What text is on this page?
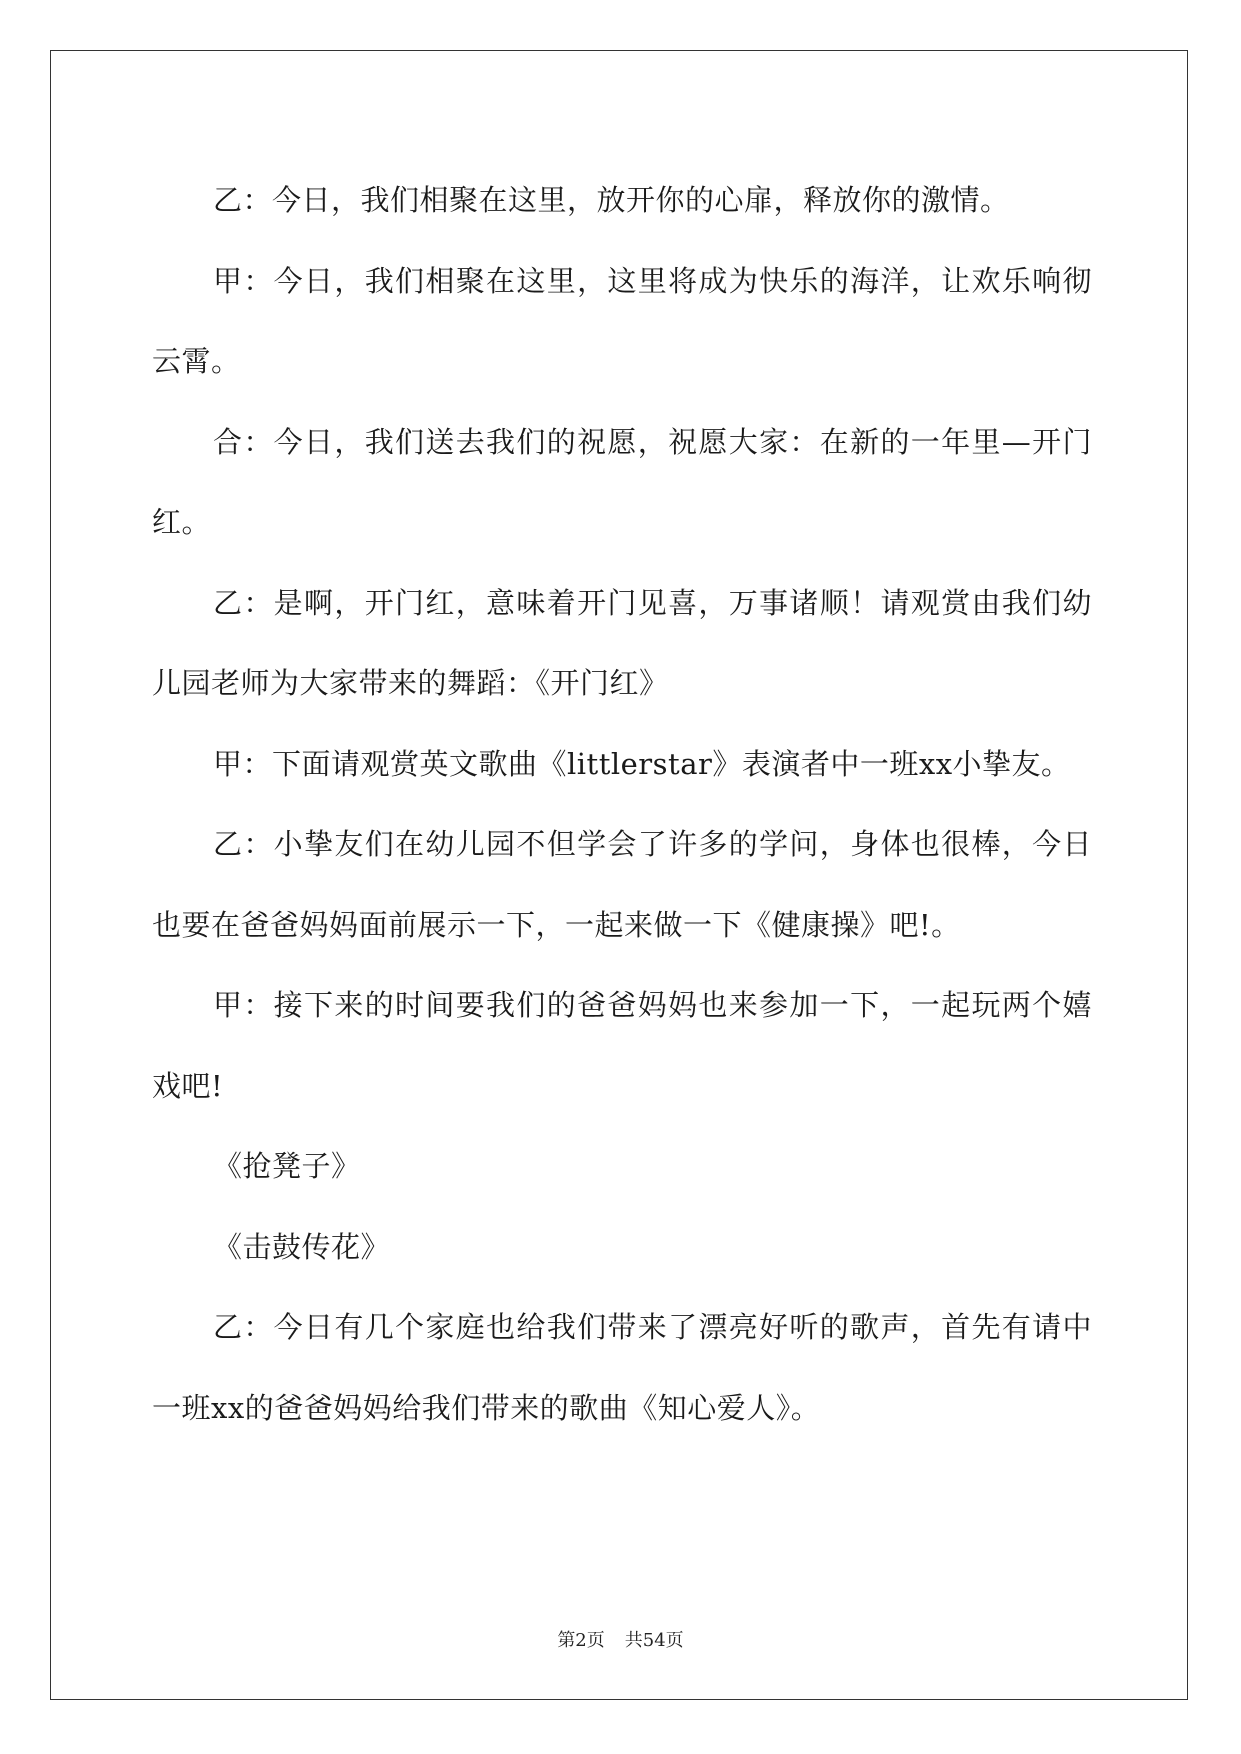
乙：今日，我们相聚在这里，放开你的心扉，释放你的激情。

甲：今日，我们相聚在这里，这里将成为快乐的海洋，让欢乐响彻云霄。

合：今日，我们送去我们的祝愿，祝愿大家：在新的一年里—开门红。

乙：是啊，开门红，意味着开门见喜，万事诸顺！请观赏由我们幼儿园老师为大家带来的舞蹈：《开门红》

甲：下面请观赏英文歌曲《littlerstar》表演者中一班xx小挚友。

乙：小挚友们在幼儿园不但学会了许多的学问，身体也很棒，今日也要在爸爸妈妈面前展示一下，一起来做一下《健康操》吧!。

甲：接下来的时间要我们的爸爸妈妈也来参加一下，一起玩两个嬉戏吧!

《抢凳子》

《击鼓传花》

乙：今日有几个家庭也给我们带来了漂亮好听的歌声，首先有请中一班xx的爸爸妈妈给我们带来的歌曲《知心爱人》。

第2页 共54页
